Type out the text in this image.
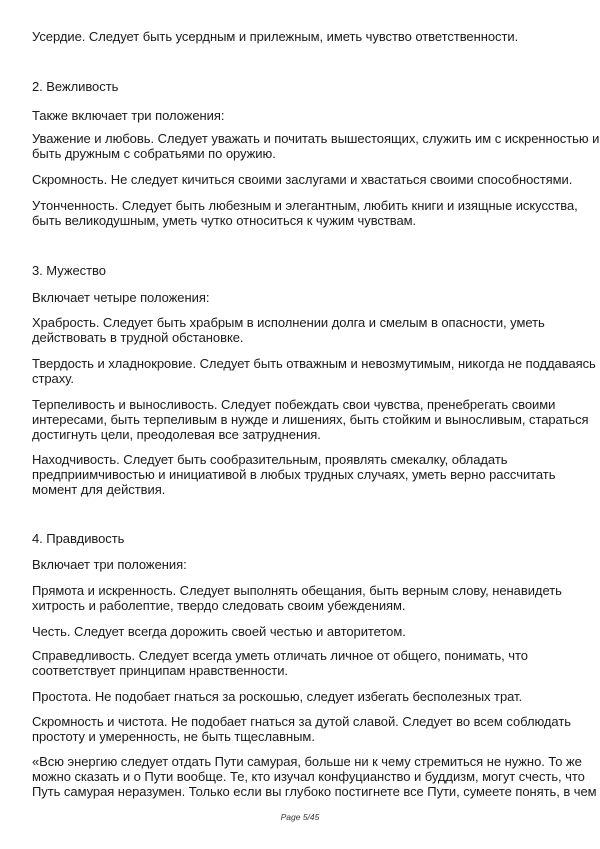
Усердие. Следует быть усердным и прилежным, иметь чувство ответственности.
2. Вежливость
Также включает три положения:
Уважение и любовь. Следует уважать и почитать вышестоящих, служить им с искренностью и
быть дружным с собратьями по оружию.
Скромность. Не следует кичиться своими заслугами и хвастаться своими способностями.
Утонченность. Следует быть любезным и элегантным, любить книги и изящные искусства,
быть великодушным, уметь чутко относиться к чужим чувствам.
3. Мужество
Включает четыре положения:
Храбрость. Следует быть храбрым в исполнении долга и смелым в опасности, уметь
действовать в трудной обстановке.
Твердость и хладнокровие. Следует быть отважным и невозмутимым, никогда не поддаваясь
страху.
Терпеливость и выносливость. Следует побеждать свои чувства, пренебрегать своими
интересами, быть терпеливым в нужде и лишениях, быть стойким и выносливым, стараться
достигнуть цели, преодолевая все затруднения.
Находчивость. Следует быть сообразительным, проявлять смекалку, обладать
предприимчивостью и инициативой в любых трудных случаях, уметь верно рассчитать
момент для действия.
4. Правдивость
Включает три положения:
Прямота и искренность. Следует выполнять обещания, быть верным слову, ненавидеть
хитрость и раболептие, твердо следовать своим убеждениям.
Честь. Следует всегда дорожить своей честью и авторитетом.
Справедливость. Следует всегда уметь отличать личное от общего, понимать, что
соответствует принципам нравственности.
Простота. Не подобает гнаться за роскошью, следует избегать бесполезных трат.
Скромность и чистота. Не подобает гнаться за дутой славой. Следует во всем соблюдать
простоту и умеренность, не быть тщеславным.
«Всю энергию следует отдать Пути самурая, больше ни к чему стремиться не нужно. То же
можно сказать и о Пути вообще. Те, кто изучал конфуцианство и буддизм, могут счесть, что
Путь самурая неразумен. Только если вы глубоко постигнете все Пути, сумеете понять, в чем
Page 5/45
